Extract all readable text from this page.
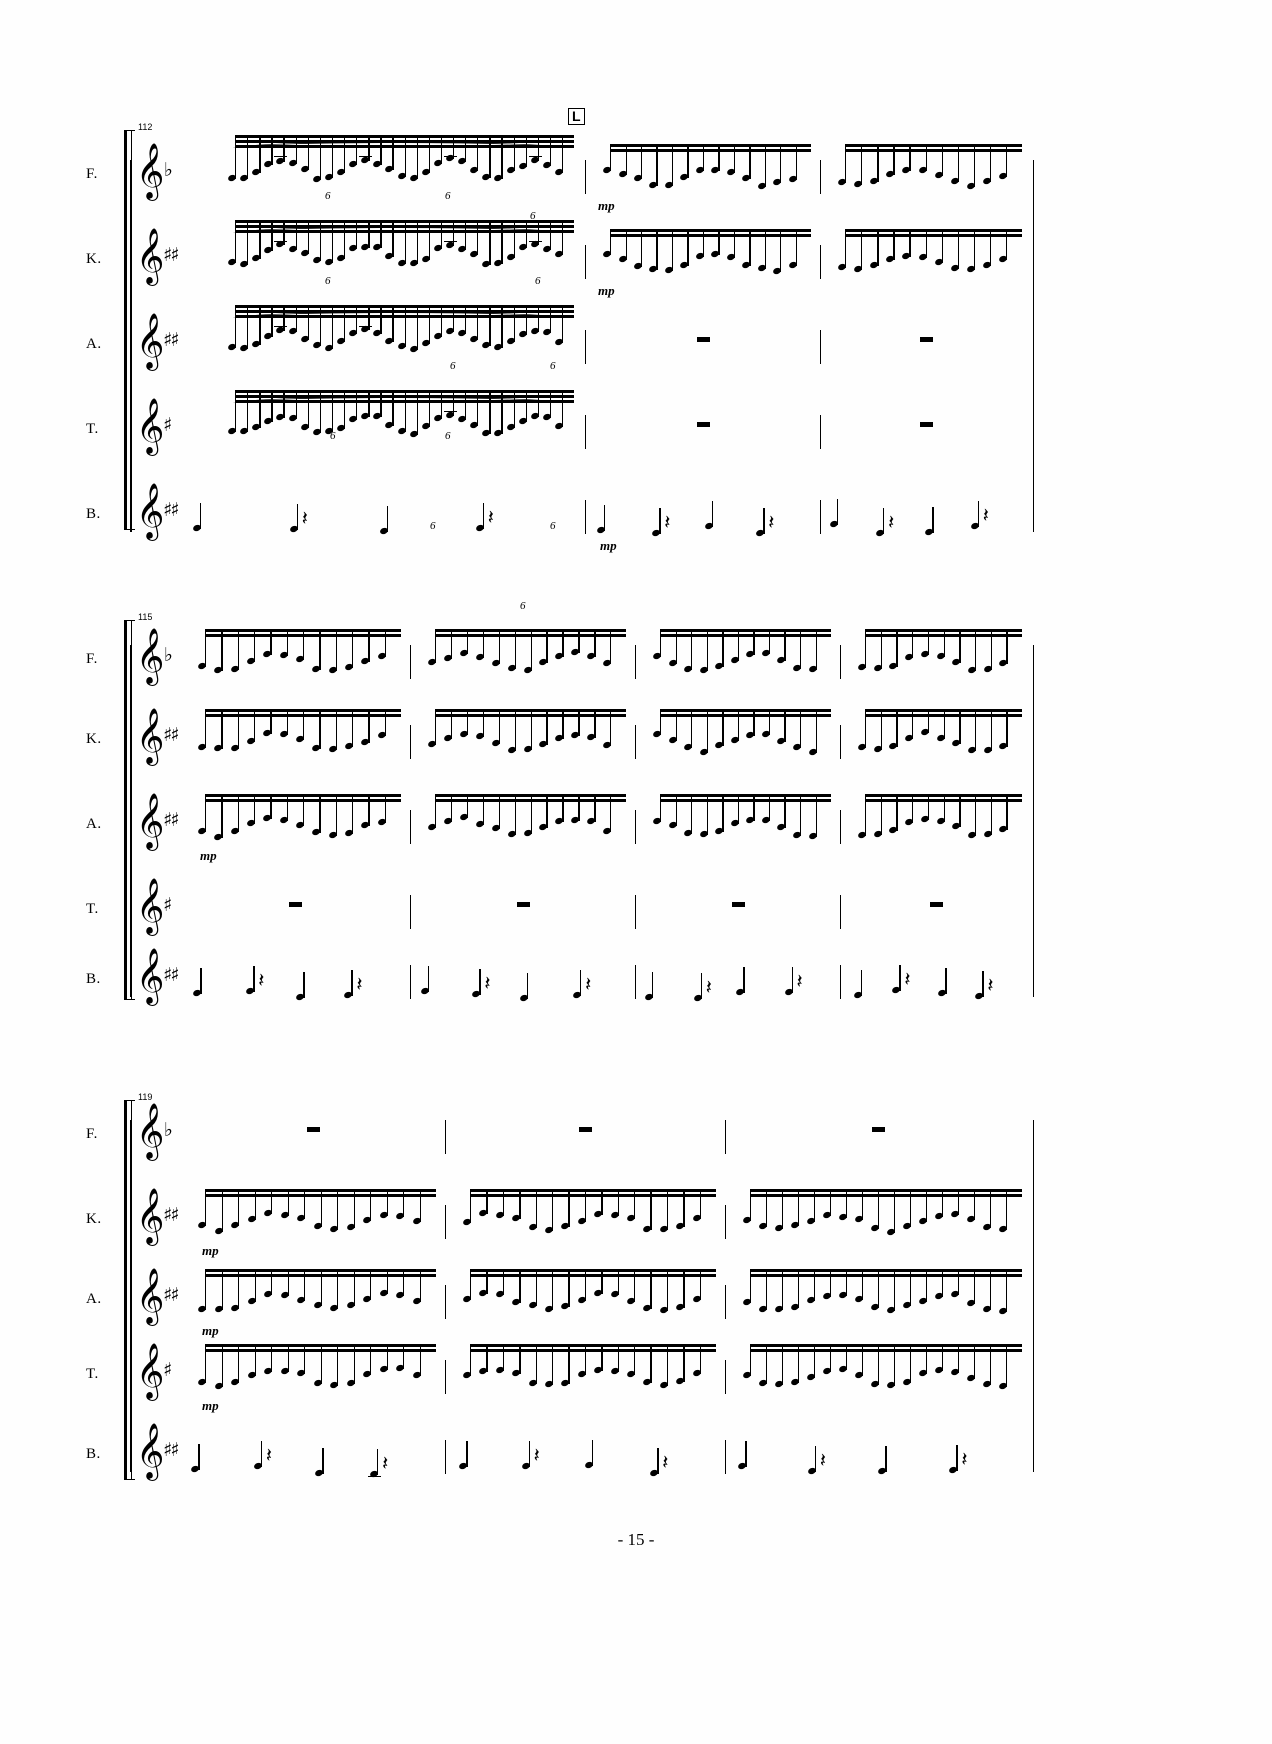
112
L
F. 𝄞 ♭
K. 𝄞
♯♯
A. 𝄞
♯♯
T. 𝄞
♯
B. 𝄞
♯♯	𝄽	𝄽	𝄽	𝄽	𝄽	𝄽
mp
mp
mp
6	6
6
6
6
6
6
6	6
6	6
6
115
F. 𝄞 ♭
K. 𝄞
♯♯
A. 𝄞
♯♯
T. 𝄞
♯
B. 𝄞
♯♯	𝄽	𝄽	𝄽	𝄽	𝄽	𝄽	𝄽	𝄽
mp
119
F. 𝄞 ♭
K. 𝄞
♯♯
A. 𝄞
♯♯
T. 𝄞
♯
B. 𝄞
♯♯	𝄽	𝄽	𝄽	𝄽	𝄽	𝄽
mp
mp
mp
- 15 -
